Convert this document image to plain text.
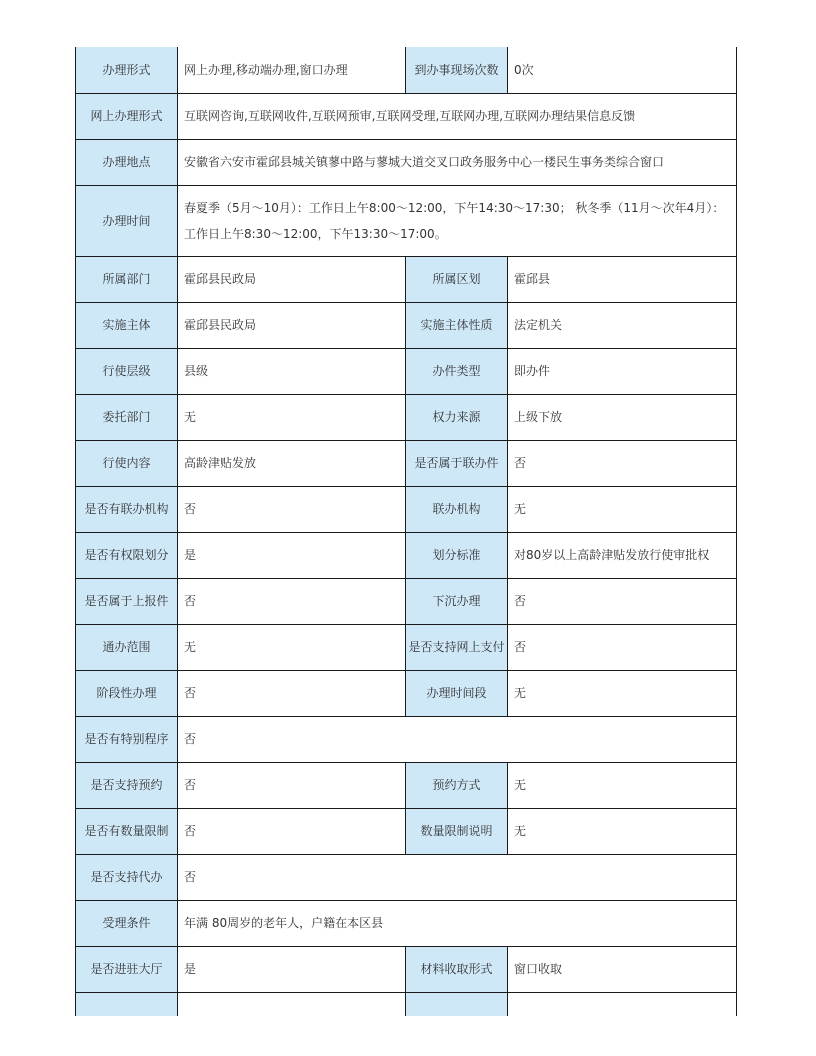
办理形式	网上办理,移动端办理,窗口办理	到办事现场次数	0次
网上办理形式	互联网咨询,互联网收件,互联网预审,互联网受理,互联网办理,互联网办理结果信息反馈		
办理地点	安徽省六安市霍邱县城关镇蓼中路与蓼城大道交叉口政务服务中心一楼民生事务类综合窗口		
办理时间	春夏季（5月～10月）：工作日上午8:00～12:00，下午14:30～17:30； 秋冬季（11月～次年4月）：工作日上午8:30～12:00，下午13:30～17:00。		
所属部门	霍邱县民政局	所属区划	霍邱县
实施主体	霍邱县民政局	实施主体性质	法定机关
行使层级	县级	办件类型	即办件
委托部门	无	权力来源	上级下放
行使内容	高龄津贴发放	是否属于联办件	否
是否有联办机构	否	联办机构	无
是否有权限划分	是	划分标准	对80岁以上高龄津贴发放行使审批权
是否属于上报件	否	下沉办理	否
通办范围	无	是否支持网上支付	否
阶段性办理	否	办理时间段	无
是否有特别程序	否		
是否支持预约	否	预约方式	无
是否有数量限制	否	数量限制说明	无
是否支持代办	否		
受理条件	年满 80周岁的老年人，户籍在本区县		
是否进驻大厅	是	材料收取形式	窗口收取
